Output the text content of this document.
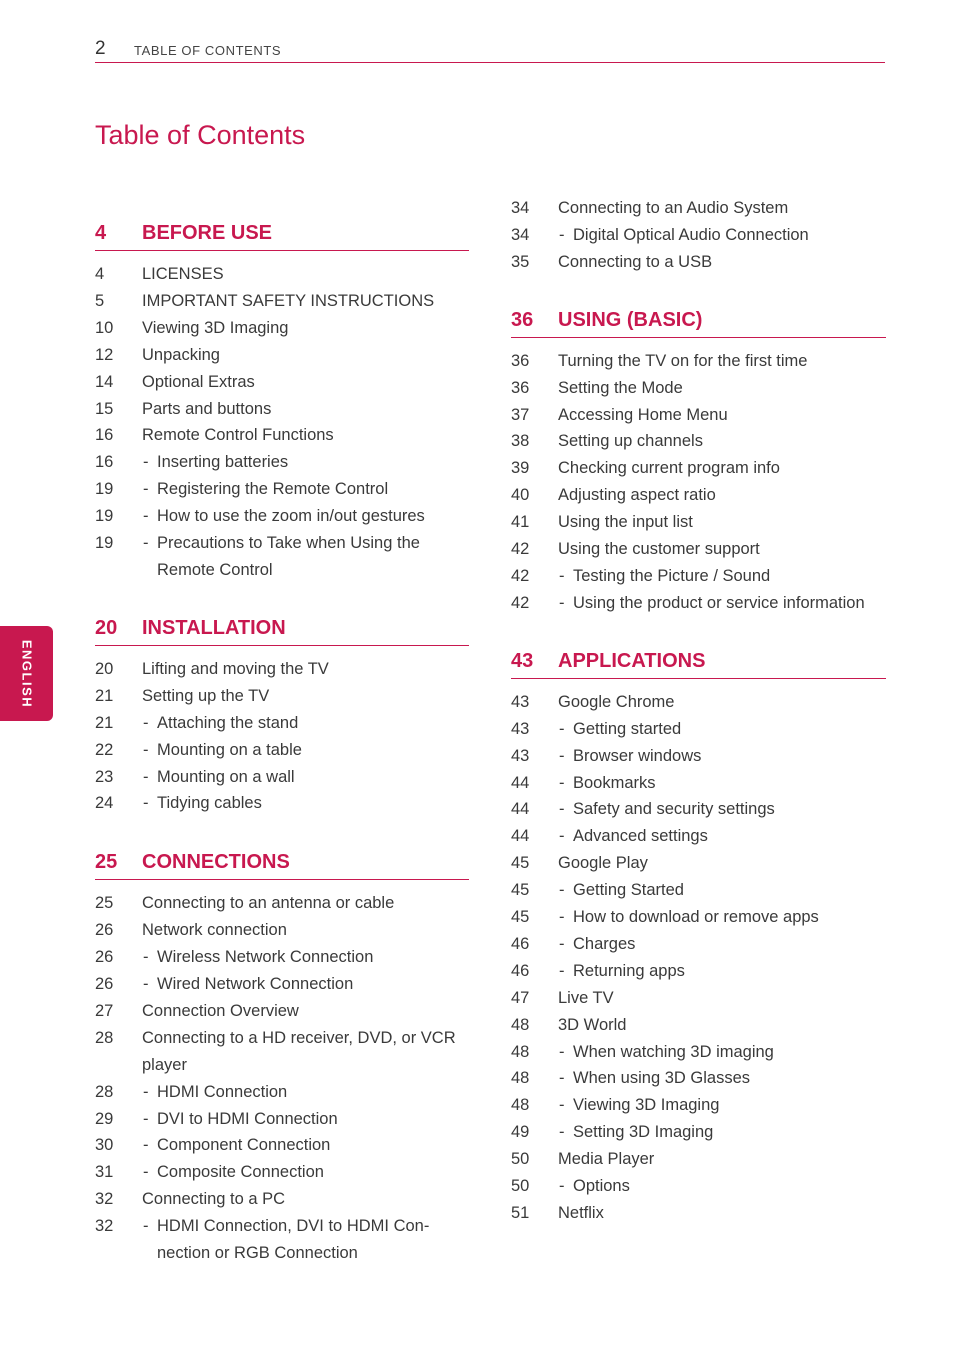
2 TABLE OF CONTENTS
Table of Contents
ENGLISH
4 BEFORE USE
4 LICENSES
5 IMPORTANT SAFETY INSTRUCTIONS
10 Viewing 3D Imaging
12 Unpacking
14 Optional Extras
15 Parts and buttons
16 Remote Control Functions
16	- Inserting batteries
19	- Registering the Remote Control
19	- How to use the zoom in/out gestures
19	- Precautions to Take when Using the Remote Control
20 INSTALLATION
20 Lifting and moving the TV
21 Setting up the TV
21	- Attaching the stand
22	- Mounting on a table
23	- Mounting on a wall
24	- Tidying cables
25 CONNECTIONS
25 Connecting to an antenna or cable
26 Network connection
26	- Wireless Network Connection
26	- Wired Network Connection
27 Connection Overview
28 Connecting to a HD receiver, DVD, or VCR player
28	- HDMI Connection
29	- DVI to HDMI Connection
30	- Component Connection
31	- Composite Connection
32 Connecting to a PC
32	- HDMI Connection, DVI to HDMI Con-nection or RGB Connection
34 Connecting to an Audio System
34	- Digital Optical Audio Connection
35 Connecting to a USB
36 USING (BASIC)
36 Turning the TV on for the first time
36 Setting the Mode
37 Accessing Home Menu
38 Setting up channels
39 Checking current program info
40 Adjusting aspect ratio
41 Using the input list
42 Using the customer support
42	- Testing the Picture / Sound
42	- Using the product or service information
43 APPLICATIONS
43 Google Chrome
43	- Getting started
43	- Browser windows
44	- Bookmarks
44	- Safety and security settings
44	- Advanced settings
45 Google Play
45	- Getting Started
45	- How to download or remove apps
46	- Charges
46	- Returning apps
47 Live TV
48 3D World
48	- When watching 3D imaging
48	- When using 3D Glasses
48	- Viewing 3D Imaging
49	- Setting 3D Imaging
50 Media Player
50	- Options
51 Netflix
